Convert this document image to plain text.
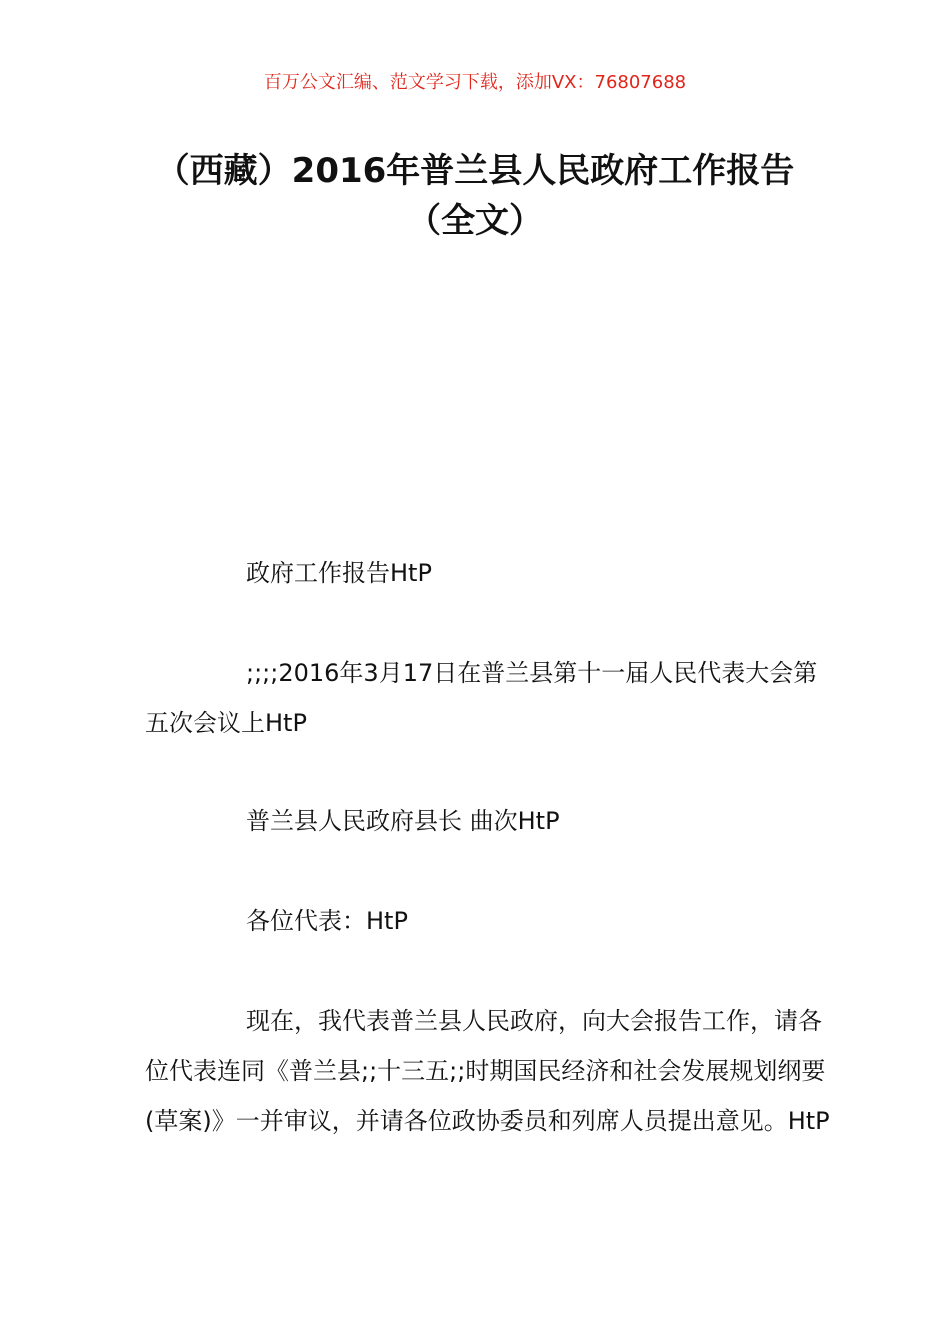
百万公文汇编、范文学习下载，添加VX：76807688
（西藏）2016年普兰县人民政府工作报告
（全文）
政府工作报告HtP
;;;;2016年3月17日在普兰县第十一届人民代表大会第五次会议上HtP
普兰县人民政府县长 曲次HtP
各位代表：HtP
现在，我代表普兰县人民政府，向大会报告工作，请各位代表连同《普兰县;;十三五;;时期国民经济和社会发展规划纲要(草案)》一并审议，并请各位政协委员和列席人员提出意见。HtP
